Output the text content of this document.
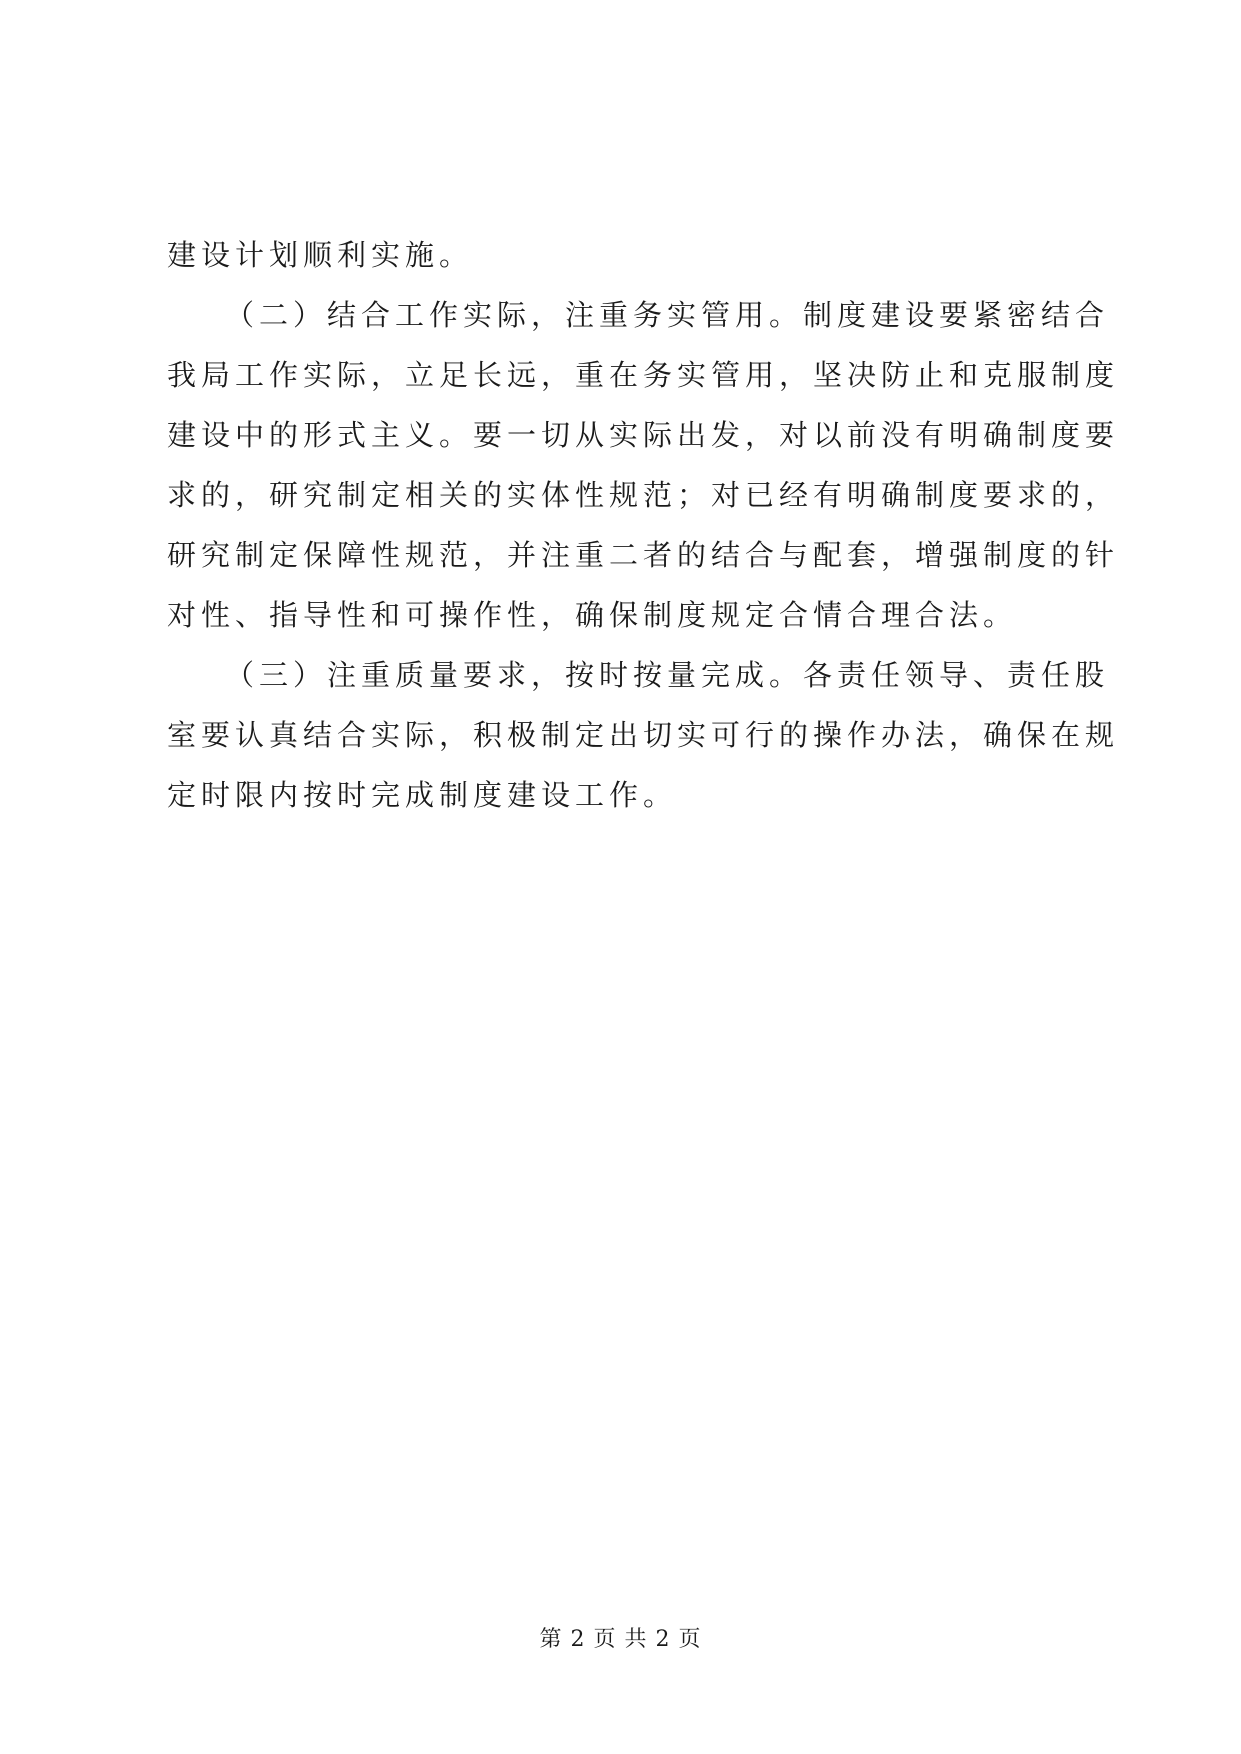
建设计划顺利实施。
（二）结合工作实际，注重务实管用。制度建设要紧密结合
我局工作实际，立足长远，重在务实管用，坚决防止和克服制度
建设中的形式主义。要一切从实际出发，对以前没有明确制度要
求的，研究制定相关的实体性规范；对已经有明确制度要求的，
研究制定保障性规范，并注重二者的结合与配套，增强制度的针
对性、指导性和可操作性，确保制度规定合情合理合法。
（三）注重质量要求，按时按量完成。各责任领导、责任股
室要认真结合实际，积极制定出切实可行的操作办法，确保在规
定时限内按时完成制度建设工作。
第 2 页 共 2 页
